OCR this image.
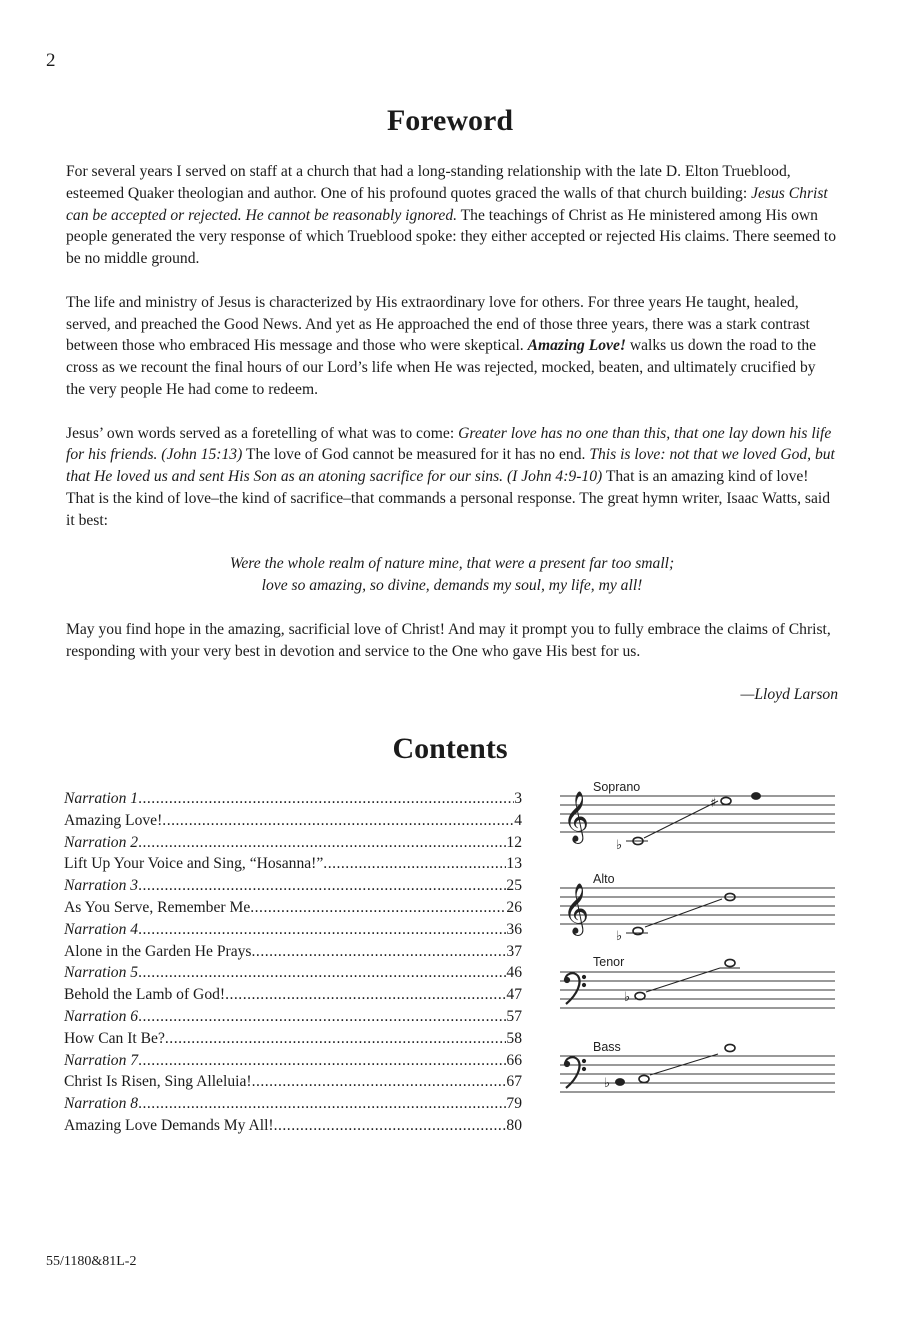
2
Foreword

For several years I served on staff at a church that had a long-standing relationship with the late D. Elton Trueblood, esteemed Quaker theologian and author. One of his profound quotes graced the walls of that church building: Jesus Christ can be accepted or rejected. He cannot be reasonably ignored. The teachings of Christ as He ministered among His own people generated the very response of which Trueblood spoke: they either accepted or rejected His claims. There seemed to be no middle ground.

The life and ministry of Jesus is characterized by His extraordinary love for others. For three years He taught, healed, served, and preached the Good News. And yet as He approached the end of those three years, there was a stark contrast between those who embraced His message and those who were skeptical. Amazing Love! walks us down the road to the cross as we recount the final hours of our Lord’s life when He was rejected, mocked, beaten, and ultimately crucified by the very people He had come to redeem.

Jesus’ own words served as a foretelling of what was to come: Greater love has no one than this, that one lay down his life for his friends. (John 15:13) The love of God cannot be measured for it has no end. This is love: not that we loved God, but that He loved us and sent His Son as an atoning sacrifice for our sins. (I John 4:9-10) That is an amazing kind of love! That is the kind of love–the kind of sacrifice–that commands a personal response. The great hymn writer, Isaac Watts, said it best:

Were the whole realm of nature mine, that were a present far too small;
love so amazing, so divine, demands my soul, my life, my all!

May you find hope in the amazing, sacrificial love of Christ! And may it prompt you to fully embrace the claims of Christ, responding with your very best in devotion and service to the One who gave His best for us.

—Lloyd Larson

Contents
Narration 1 .....	3
Amazing Love! .....	4
Narration 2 .....	12
Lift Up Your Voice and Sing, “Hosanna!” .....	13
Narration 3 .....	25
As You Serve, Remember Me .....	26
Narration 4 .....	36
Alone in the Garden He Prays .....	37
Narration 5 .....	46
Behold the Lamb of God! .....	47
Narration 6 .....	57
How Can It Be? .....	58
Narration 7 .....	66
Christ Is Risen, Sing Alleluia! .....	67
Narration 8 .....	79
Amazing Love Demands My All! .....	80
Soprano
Alto
Tenor
Bass
𝄞
𝄞
♭
♯
♭
♭
♭
55/1180&81L-2
